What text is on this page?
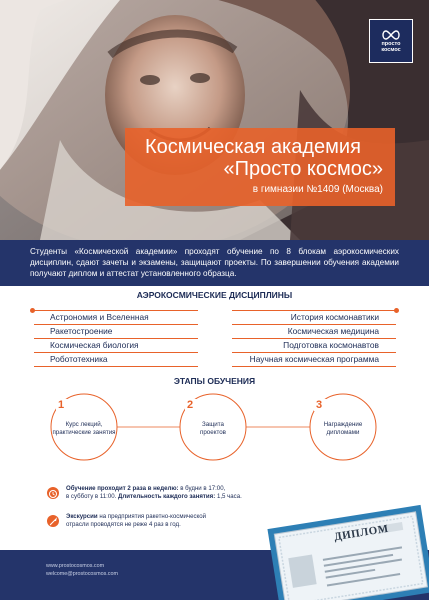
просто
космос
Космическая академия
«Просто космос»
в гимназии №1409 (Москва)
Студенты «Космической академии» проходят обучение по 8 блокам аэрокосмических дисциплин, сдают зачеты и экзамены, защищают проекты. По завершении обучения академии получают диплом и аттестат установленного образца.
АЭРОКОСМИЧЕСКИЕ ДИСЦИПЛИНЫ
Астрономия и Вселенная
Ракетостроение
Космическая биология
Робототехника
История космонавтики
Космическая медицина
Подготовка космонавтов
Научная космическая программа
ЭТАПЫ ОБУЧЕНИЯ
1	2	3
Курс лекций,
практические занятия
Защита
проектов
Награждение
дипломами
Обучение проходит 2 раза в неделю: в будни в 17:00,
в субботу в 11:00. Длительность каждого занятия: 1,5 часа.
Экскурсии на предприятия ракетно-космической
отрасли проводятся не реже 4 раз в год.
www.prostocosmos.com
welcome@prostocosmos.com
ДИПЛОМ
